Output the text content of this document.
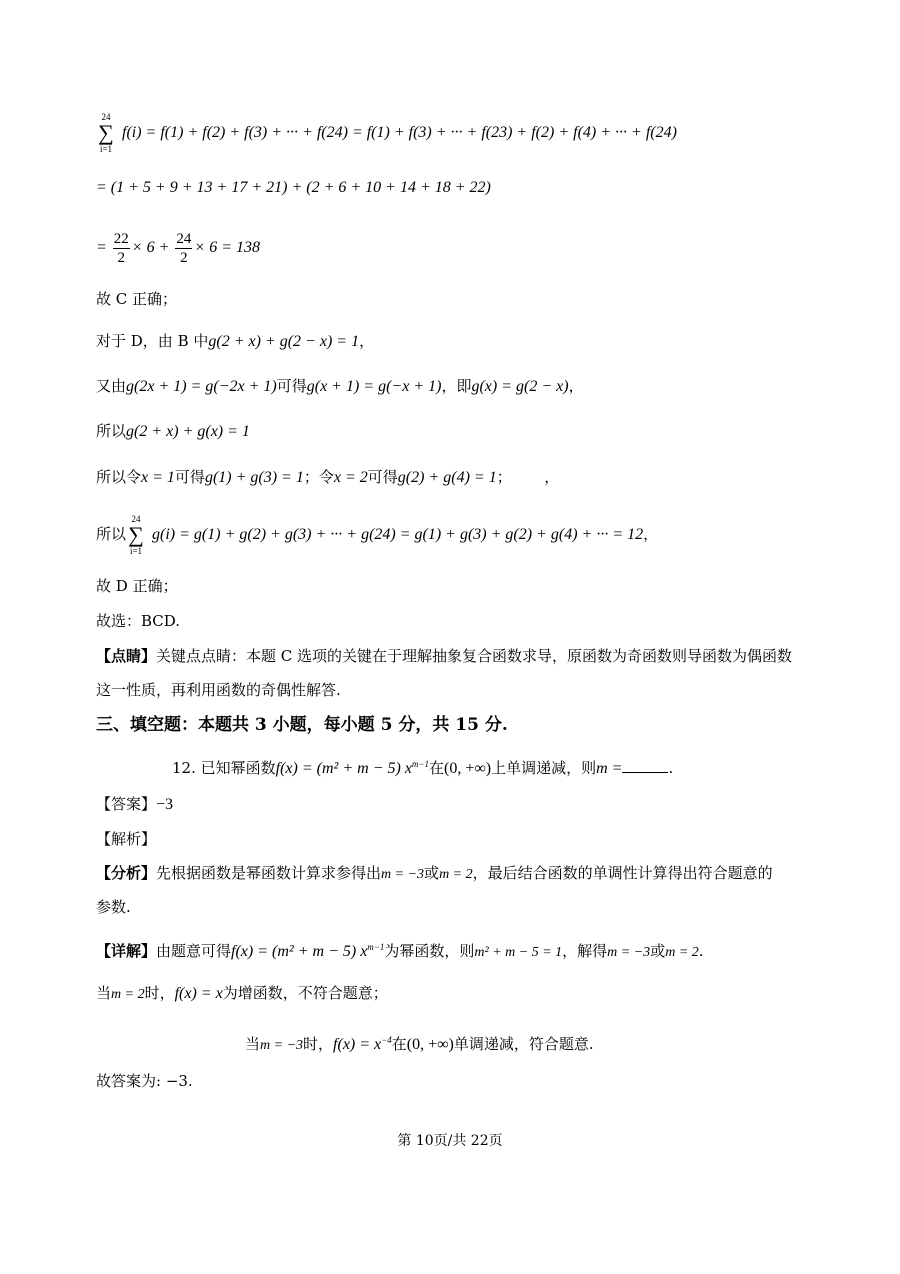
24
∑
i=1
f(i) = f(1) + f(2) + f(3) + ··· + f(24) = f(1) + f(3) + ··· + f(23) + f(2) + f(4) + ··· + f(24)
= (1 + 5 + 9 + 13 + 17 + 21) + (2 + 6 + 10 + 14 + 18 + 22)
= $\frac{22}{2} \times 6 + \frac{24}{2} \times 6 = 138$
故 C 正确；
对于 D，由 B 中g(2 + x) + g(2 − x) = 1，
又由g(2x + 1) = g(−2x + 1)可得g(x + 1) = g(−x + 1)，即g(x) = g(2 − x)，
所以g(2 + x) + g(x) = 1
所以令x = 1可得g(1) + g(3) = 1；令x = 2可得g(2) + g(4) = 1；	，
所以
24
∑
i=1
g(i) = g(1) + g(2) + g(3) + ··· + g(24) = g(1) + g(3) + g(2) + g(4) + ··· = 12，
故 D 正确；
故选：BCD.
【点睛】关键点点睛：本题 C 选项的关键在于理解抽象复合函数求导，原函数为奇函数则导函数为偶函数
这一性质，再利用函数的奇偶性解答.
三、填空题：本题共 3 小题，每小题 5 分，共 15 分.
12. 已知幂函数f(x) = (m² + m − 5) $x^{m-1}$在(0, +∞)上单调递减，则m =	.
【答案】−3
【解析】
【分析】先根据函数是幂函数计算求参得出m = −3或m = 2，最后结合函数的单调性计算得出符合题意的
参数.
【详解】由题意可得f(x) = (m² + m − 5) $x^{m-1}$为幂函数，则m² + m − 5 = 1，解得m = −3或m = 2.
当m = 2时，f(x) = x为增函数，不符合题意；
当m = −3时，$f(x) = x^{-4}$在(0, +∞)单调递减，符合题意.
故答案为: −3.
第 10页/共 22页
